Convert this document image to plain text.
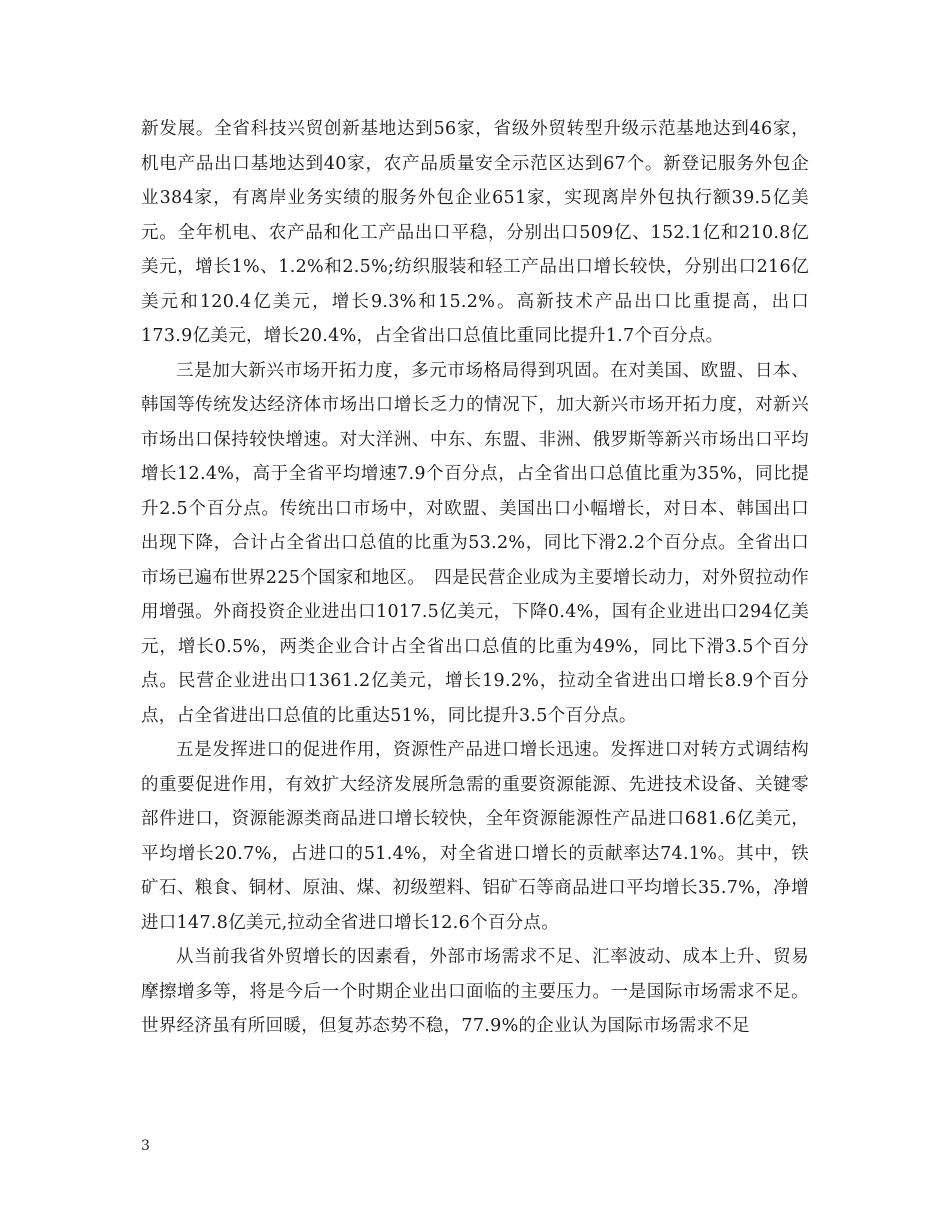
新发展。全省科技兴贸创新基地达到56家，省级外贸转型升级示范基地达到46家，机电产品出口基地达到40家，农产品质量安全示范区达到67个。新登记服务外包企业384家，有离岸业务实绩的服务外包企业651家，实现离岸外包执行额39.5亿美元。全年机电、农产品和化工产品出口平稳，分别出口509亿、152.1亿和210.8亿美元，增长1%、1.2%和2.5%;纺织服装和轻工产品出口增长较快，分别出口216亿美元和120.4亿美元，增长9.3%和15.2%。高新技术产品出口比重提高，出口173.9亿美元，增长20.4%，占全省出口总值比重同比提升1.7个百分点。

三是加大新兴市场开拓力度，多元市场格局得到巩固。在对美国、欧盟、日本、韩国等传统发达经济体市场出口增长乏力的情况下，加大新兴市场开拓力度，对新兴市场出口保持较快增速。对大洋洲、中东、东盟、非洲、俄罗斯等新兴市场出口平均增长12.4%，高于全省平均增速7.9个百分点，占全省出口总值比重为35%，同比提升2.5个百分点。传统出口市场中，对欧盟、美国出口小幅增长，对日本、韩国出口出现下降，合计占全省出口总值的比重为53.2%，同比下滑2.2个百分点。全省出口市场已遍布世界225个国家和地区。　四是民营企业成为主要增长动力，对外贸拉动作用增强。外商投资企业进出口1017.5亿美元，下降0.4%，国有企业进出口294亿美元，增长0.5%，两类企业合计占全省出口总值的比重为49%，同比下滑3.5个百分点。民营企业进出口1361.2亿美元，增长19.2%，拉动全省进出口增长8.9个百分点，占全省进出口总值的比重达51%，同比提升3.5个百分点。

五是发挥进口的促进作用，资源性产品进口增长迅速。发挥进口对转方式调结构的重要促进作用，有效扩大经济发展所急需的重要资源能源、先进技术设备、关键零部件进口，资源能源类商品进口增长较快，全年资源能源性产品进口681.6亿美元，平均增长20.7%，占进口的51.4%，对全省进口增长的贡献率达74.1%。其中，铁矿石、粮食、铜材、原油、煤、初级塑料、铝矿石等商品进口平均增长35.7%，净增进口147.8亿美元,拉动全省进口增长12.6个百分点。

从当前我省外贸增长的因素看，外部市场需求不足、汇率波动、成本上升、贸易摩擦增多等，将是今后一个时期企业出口面临的主要压力。一是国际市场需求不足。世界经济虽有所回暖，但复苏态势不稳，77.9%的企业认为国际市场需求不足

3
